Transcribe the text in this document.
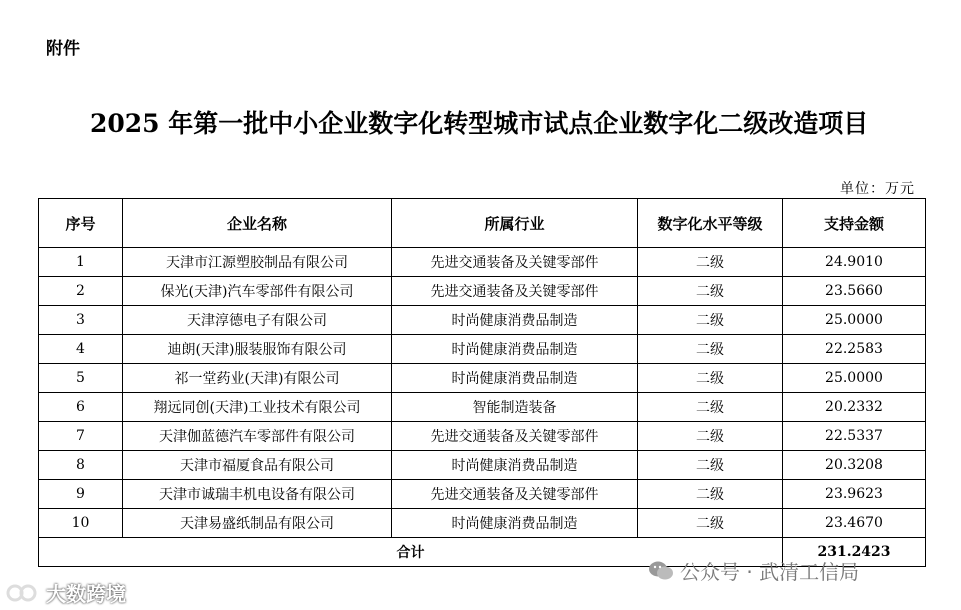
附件
2025 年第一批中小企业数字化转型城市试点企业数字化二级改造项目
单位：万元
序号	企业名称	所属行业	数字化水平等级	支持金额
1	天津市江源塑胶制品有限公司	先进交通装备及关键零部件	二级	24.9010
2	保光(天津)汽车零部件有限公司	先进交通装备及关键零部件	二级	23.5660
3	天津淳德电子有限公司	时尚健康消费品制造	二级	25.0000
4	迪朗(天津)服装服饰有限公司	时尚健康消费品制造	二级	22.2583
5	祁一堂药业(天津)有限公司	时尚健康消费品制造	二级	25.0000
6	翔远同创(天津)工业技术有限公司	智能制造装备	二级	20.2332
7	天津伽蓝德汽车零部件有限公司	先进交通装备及关键零部件	二级	22.5337
8	天津市福厦食品有限公司	时尚健康消费品制造	二级	20.3208
9	天津市诚瑞丰机电设备有限公司	先进交通装备及关键零部件	二级	23.9623
10	天津易盛纸制品有限公司	时尚健康消费品制造	二级	23.4670
合计				231.2423
公众号 · 武清工信局
大数跨境
